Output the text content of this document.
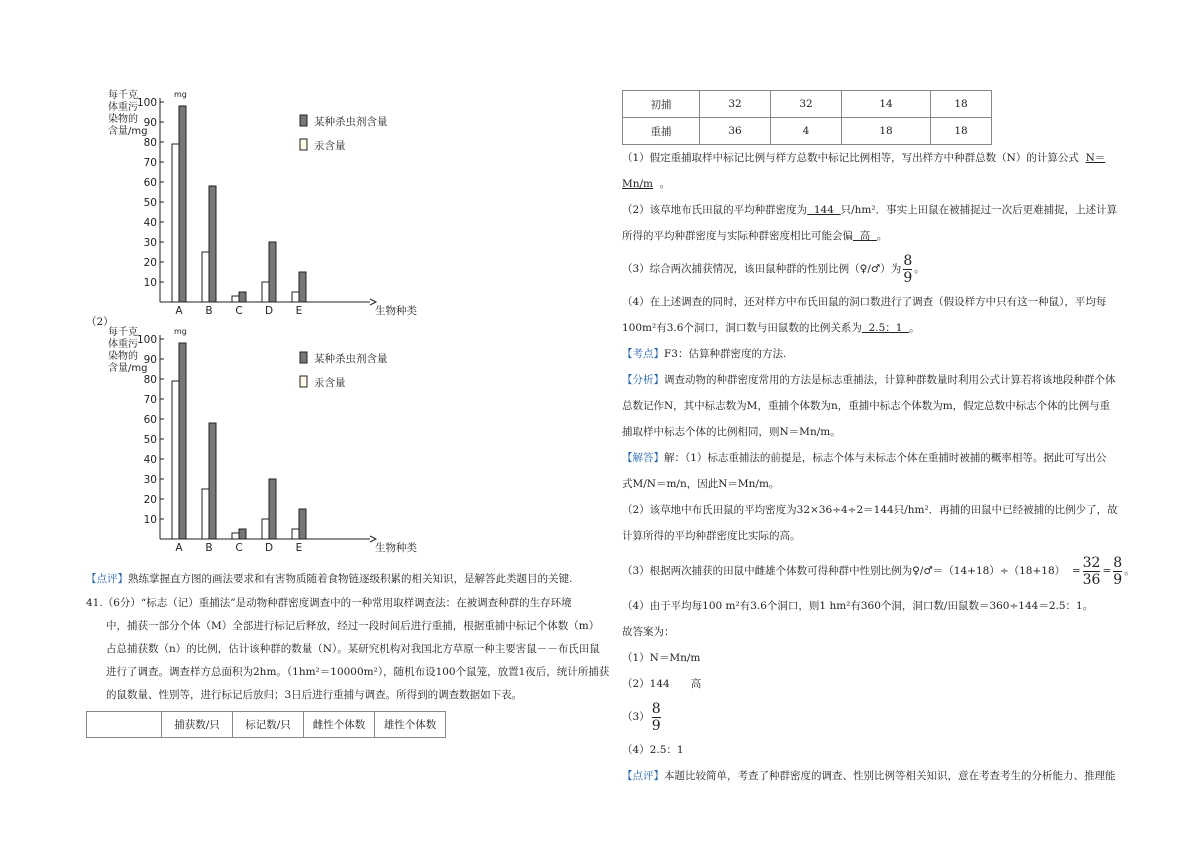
每千克
体重污
染物的
含量/mg
mg
10
20
30
40
50
60
70
80
90
100
A B C D E	生物种类
某种杀虫剂含量
汞含量
（2）
每千克
体重污
染物的
含量/mg
mg
10
20
30
40
50
60
70
80
90
100
A B C D E	生物种类
某种杀虫剂含量
汞含量

【点评】熟练掌握直方图的画法要求和有害物质随着食物链逐级积累的相关知识，是解答此类题目的关键.

41.（6分）“标志（记）重捕法”是动物种群密度调查中的一种常用取样调查法：在被调查种群的生存环境

中，捕获一部分个体（M）全部进行标记后释放，经过一段时间后进行重捕，根据重捕中标记个体数（m）

占总捕获数（n）的比例，估计该种群的数量（N）。某研究机构对我国北方草原一种主要害鼠－－布氏田鼠

进行了调查。调查样方总面积为2hm。（1hm²＝10000m²），随机布设100个鼠笼，放置1夜后，统计所捕获

的鼠数量、性别等，进行标记后放归；3日后进行重捕与调查。所得到的调查数据如下表。

	捕获数/只	标记数/只	雌性个体数	雄性个体数
初捕	32	32	14	18
重捕	36	4	18	18

（1）假定重捕取样中标记比例与样方总数中标记比例相等，写出样方中种群总数（N）的计算公式 N＝

Mn/m  。

（2）该草地布氏田鼠的平均种群密度为 144 只/hm²．事实上田鼠在被捕捉过一次后更难捕捉，上述计算

所得的平均种群密度与实际种群密度相比可能会偏 高 。

（3）综合两次捕获情况，该田鼠种群的性别比例（♀/♂）为 $\frac{8}{9}$ 。

（4）在上述调查的同时，还对样方中布氏田鼠的洞口数进行了调查（假设样方中只有这一种鼠），平均每

100m²有3.6个洞口，洞口数与田鼠数的比例关系为 2.5：1 。

【考点】F3：估算种群密度的方法.

【分析】调查动物的种群密度常用的方法是标志重捕法，计算种群数量时利用公式计算若将该地段种群个体

总数记作N，其中标志数为M，重捕个体数为n，重捕中标志个体数为m，假定总数中标志个体的比例与重

捕取样中标志个体的比例相同，则N＝Mn/m。

【解答】解：（1）标志重捕法的前提是，标志个体与未标志个体在重捕时被捕的概率相等。据此可写出公

式M/N＝m/n，因此N＝Mn/m。

（2）该草地中布氏田鼠的平均密度为32×36÷4÷2＝144只/hm²．再捕的田鼠中已经被捕的比例少了，故

计算所得的平均种群密度比实际的高。

（3）根据两次捕获的田鼠中雌雄个体数可得种群中性别比例为♀/♂＝（14+18）÷（18+18）  = $\frac{32}{36} = \frac{8}{9}$ 。

（4）由于平均每100 m²有3.6个洞口，则1 hm²有360个洞，洞口数/田鼠数＝360÷144＝2.5：1。

故答案为：

（1）N＝Mn/m

（2）144　　高

$(3) \frac{8}{9}$

（4）2.5：1

【点评】本题比较简单，考查了种群密度的调查、性别比例等相关知识，意在考查考生的分析能力、推理能
